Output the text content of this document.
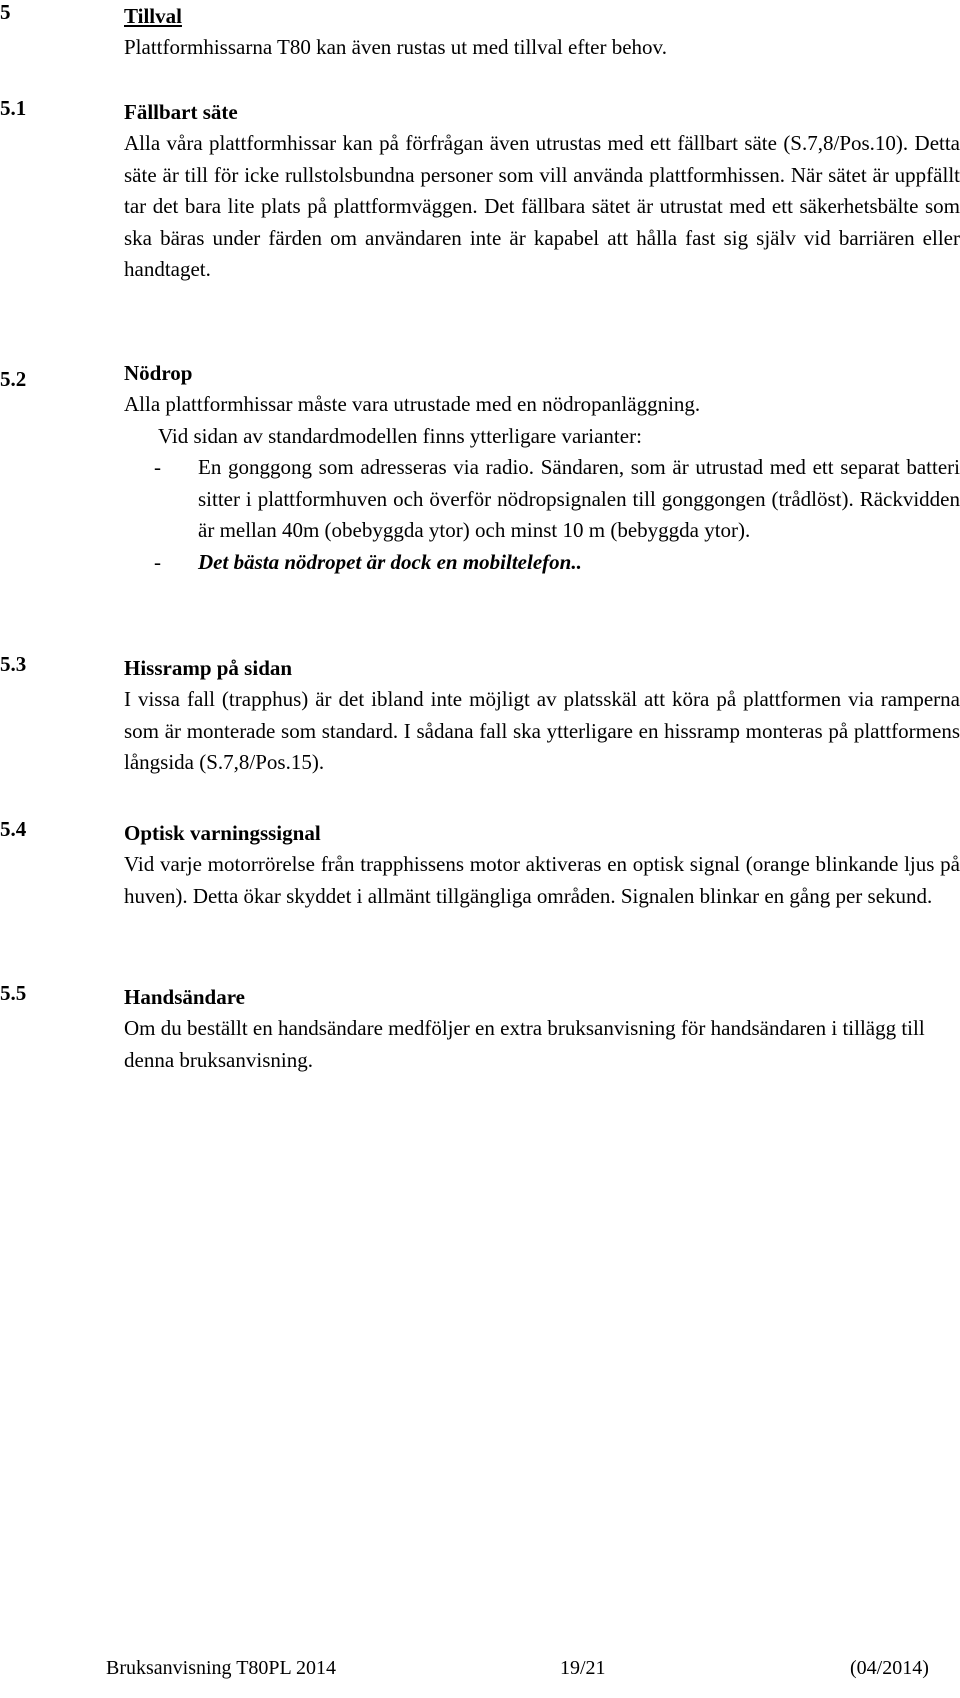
5	Tillval
Plattformhissarna T80 kan även rustas ut med tillval efter behov.
5.1	Fällbart säte
Alla våra plattformhissar kan på förfrågan även utrustas med ett fällbart säte (S.7,8/Pos.10). Detta säte är till för icke rullstolsbundna personer som vill använda plattformhissen. När sätet är uppfällt tar det bara lite plats på plattformväggen. Det fällbara sätet är utrustat med ett säkerhetsbälte som ska bäras under färden om användaren inte är kapabel att hålla fast sig själv vid barriären eller handtaget.
5.2	Nödrop
Alla plattformhissar måste vara utrustade med en nödropanläggning.
Vid sidan av standardmodellen finns ytterligare varianter:
- En gonggong som adresseras via radio. Sändaren, som är utrustad med ett separat batteri sitter i plattformhuven och överför nödropsignalen till gonggongen (trådlöst). Räckvidden är mellan 40m (obebyggda ytor) och minst 10 m (bebyggda ytor).
- Det bästa nödropet är dock en mobiltelefon..
5.3	Hissramp på sidan
I vissa fall (trapphus) är det ibland inte möjligt av platsskäl att köra på plattformen via ramperna som är monterade som standard. I sådana fall ska ytterligare en hissramp monteras på plattformens långsida (S.7,8/Pos.15).
5.4	Optisk varningssignal
Vid varje motorrörelse från trapphissens motor aktiveras en optisk signal (orange blinkande ljus på huven). Detta ökar skyddet i allmänt tillgängliga områden. Signalen blinkar en gång per sekund.
5.5	Handsändare
Om du beställt en handsändare medföljer en extra bruksanvisning för handsändaren i tillägg till denna bruksanvisning.
Bruksanvisning T80PL 2014	19/21	(04/2014)
